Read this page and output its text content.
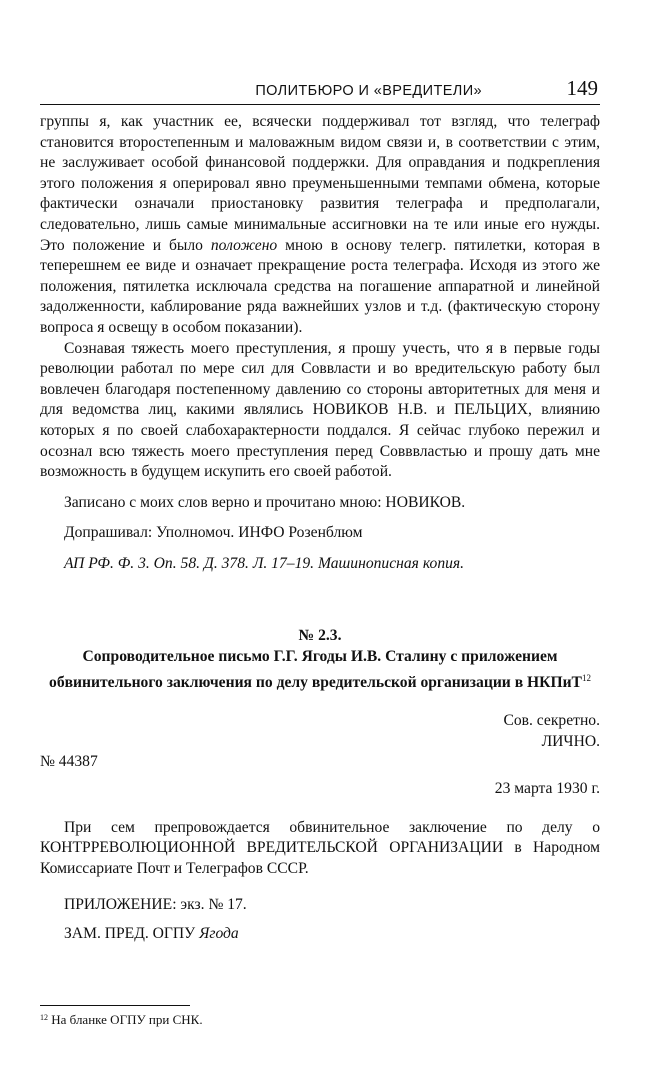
ПОЛИТБЮРО И «ВРЕДИТЕЛИ»	149

группы я, как участник ее, всячески поддерживал тот взгляд, что телеграф становится второстепенным и маловажным видом связи и, в соответствии с этим, не заслуживает особой финансовой поддержки. Для оправдания и подкрепления этого положения я оперировал явно преуменьшенными темпами обмена, которые фактически означали приостановку развития телеграфа и предполагали, следовательно, лишь самые минимальные ассигновки на те или иные его нужды. Это положение и было положено мною в основу телегр. пятилетки, которая в теперешнем ее виде и означает прекращение роста телеграфа. Исходя из этого же положения, пятилетка исключала средства на погашение аппаратной и линейной задолженности, каблирование ряда важнейших узлов и т.д. (фактическую сторону вопроса я освещу в особом показании).

Сознавая тяжесть моего преступления, я прошу учесть, что я в первые годы революции работал по мере сил для Соввласти и во вредительскую работу был вовлечен благодаря постепенному давлению со стороны авторитетных для меня и для ведомства лиц, какими являлись НОВИКОВ Н.В. и ПЕЛЬЦИХ, влиянию которых я по своей слабохарактерности поддался. Я сейчас глубоко пережил и осознал всю тяжесть моего преступления перед Совввластью и прошу дать мне возможность в будущем искупить его своей работой.

Записано с моих слов верно и прочитано мною: НОВИКОВ.

Допрашивал: Уполномоч. ИНФО Розенблюм

АП РФ. Ф. 3. Оп. 58. Д. 378. Л. 17–19. Машинописная копия.

№ 2.3.
Сопроводительное письмо Г.Г. Ягоды И.В. Сталину с приложением обвинительного заключения по делу вредительской организации в НКПиТ$^{12}$
Сов. секретно.
ЛИЧНО.
№ 44387
23 марта 1930 г.

При сем препровождается обвинительное заключение по делу о КОНТРРЕВОЛЮЦИОННОЙ ВРЕДИТЕЛЬСКОЙ ОРГАНИЗАЦИИ в Народном Комиссариате Почт и Телеграфов СССР.

ПРИЛОЖЕНИЕ: экз. № 17.

ЗАМ. ПРЕД. ОГПУ Ягода

$^{12}$ На бланке ОГПУ при СНК.
